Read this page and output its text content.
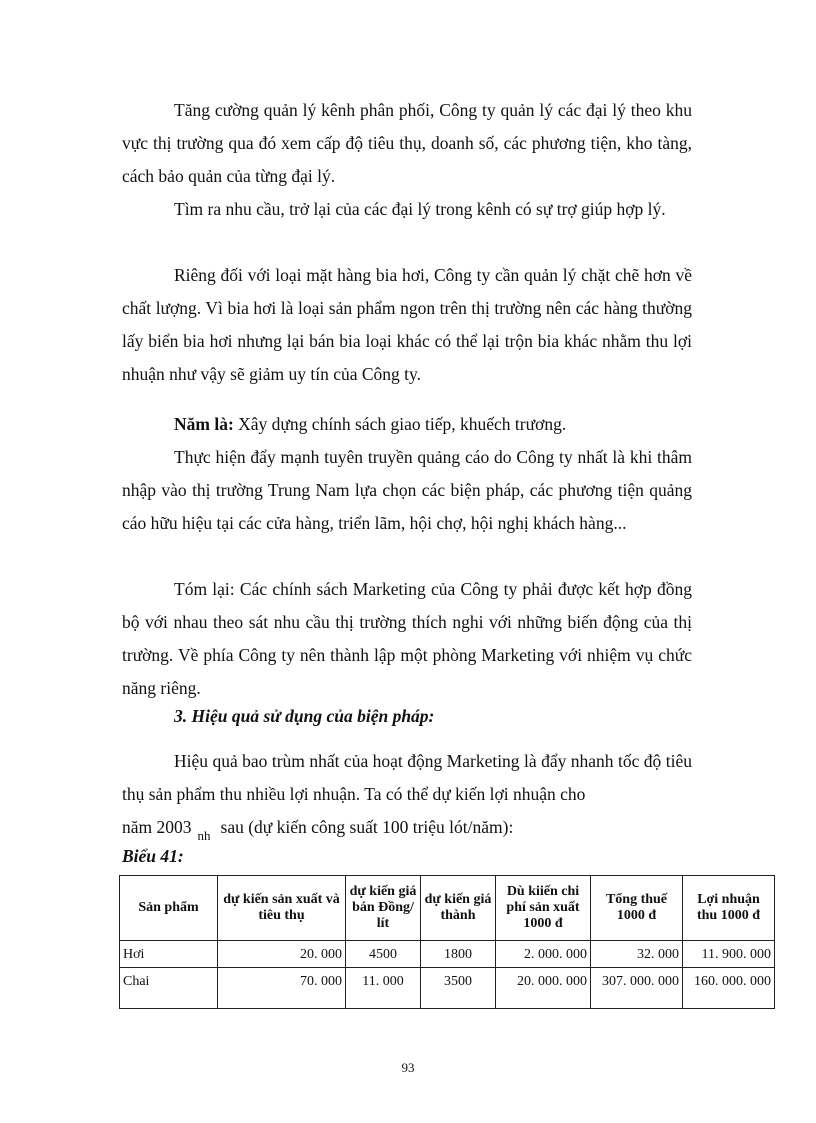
Tăng cường quản lý kênh phân phối, Công ty quản lý các đại lý theo khu vực thị trường qua đó xem cấp độ tiêu thụ, doanh số, các phương tiện, kho tàng, cách bảo quản của từng đại lý.

Tìm ra nhu cầu, trở lại của các đại lý trong kênh có sự trợ giúp hợp lý.

Riêng đối với loại mặt hàng bia hơi, Công ty cần quản lý chặt chẽ hơn về chất lượng. Vì bia hơi là loại sản phẩm ngon trên thị trường nên các hàng thường lấy biển bia hơi nhưng lại bán bia loại khác có thể lại trộn bia khác nhằm thu lợi nhuận như vậy sẽ giảm uy tín của Công ty.

Năm là: Xây dựng chính sách giao tiếp, khuếch trương.

Thực hiện đẩy mạnh tuyên truyền quảng cáo do Công ty nhất là khi thâm nhập vào thị trường Trung Nam lựa chọn các biện pháp, các phương tiện quảng cáo hữu hiệu tại các cửa hàng, triển lãm, hội chợ, hội nghị khách hàng...

Tóm lại: Các chính sách Marketing của Công ty phải được kết hợp đồng bộ với nhau theo sát nhu cầu thị trường thích nghi với những biến động của thị trường. Về phía Công ty nên thành lập một phòng Marketing với nhiệm vụ chức năng riêng.

3. Hiệu quả sử dụng của biện pháp:

Hiệu quả bao trùm nhất của hoạt động Marketing là đẩy nhanh tốc độ tiêu thụ sản phẩm thu nhiều lợi nhuận. Ta có thể dự kiến lợi nhuận cho

năm 2003 $_{nh}$ sau (dự kiến công suất 100 triệu lót/năm):

Biểu 41:

Sản phẩm	dự kiến sản xuất và tiêu thụ	dự kiến giá bán Đồng/ lít	dự kiến giá thành	Dù kiiến chi phí sản xuất 1000 đ	Tổng thuế 1000 đ	Lợi nhuận thu 1000 đ
Hơi	20. 000	4500	1800	2. 000. 000	32. 000	11. 900. 000
Chai	70. 000	11. 000	3500	20. 000. 000	307. 000. 000	160. 000. 000

93
